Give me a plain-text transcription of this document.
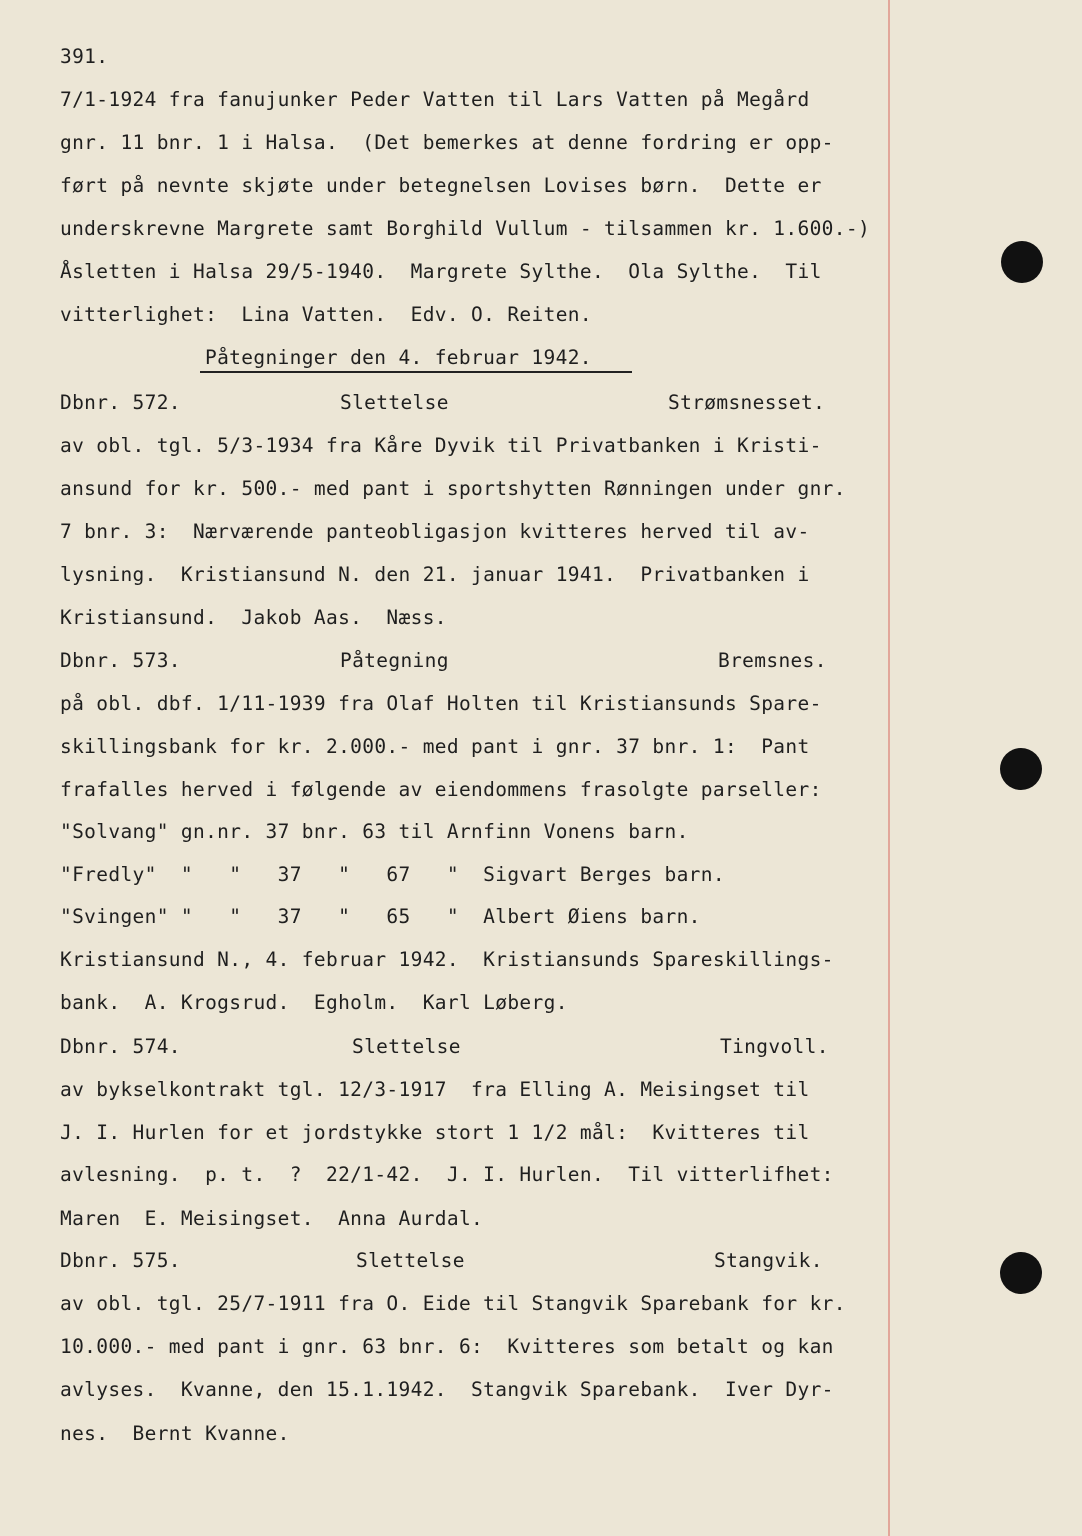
391.
7/1-1924 fra fanujunker Peder Vatten til Lars Vatten på Megård
gnr. 11 bnr. 1 i Halsa.  (Det bemerkes at denne fordring er opp-
ført på nevnte skjøte under betegnelsen Lovises børn.  Dette er
underskrevne Margrete samt Borghild Vullum - tilsammen kr. 1.600.-)
Åsletten i Halsa 29/5-1940.  Margrete Sylthe.  Ola Sylthe.  Til
vitterlighet:  Lina Vatten.  Edv. O. Reiten.
Påtegninger den 4. februar 1942.
Dbnr. 572.	Slettelse	Strømsnesset.
av obl. tgl. 5/3-1934 fra Kåre Dyvik til Privatbanken i Kristi-
ansund for kr. 500.- med pant i sportshytten Rønningen under gnr.
7 bnr. 3:  Nærværende panteobligasjon kvitteres herved til av-
lysning.  Kristiansund N. den 21. januar 1941.  Privatbanken i
Kristiansund.  Jakob Aas.  Næss.
Dbnr. 573.	Påtegning	Bremsnes.
på obl. dbf. 1/11-1939 fra Olaf Holten til Kristiansunds Spare-
skillingsbank for kr. 2.000.- med pant i gnr. 37 bnr. 1:  Pant
frafalles herved i følgende av eiendommens frasolgte parseller:
"Solvang" gn.nr. 37 bnr. 63 til Arnfinn Vonens barn.
"Fredly"  "   "   37   "   67   "  Sigvart Berges barn.
"Svingen" "   "   37   "   65   "  Albert Øiens barn.
Kristiansund N., 4. februar 1942.  Kristiansunds Spareskillings-
bank.  A. Krogsrud.  Egholm.  Karl Løberg.
Dbnr. 574.	Slettelse	Tingvoll.
av bykselkontrakt tgl. 12/3-1917  fra Elling A. Meisingset til
J. I. Hurlen for et jordstykke stort 1 1/2 mål:  Kvitteres til
avlesning.  p. t.  ?  22/1-42.  J. I. Hurlen.  Til vitterlifhet:
Maren  E. Meisingset.  Anna Aurdal.
Dbnr. 575.	Slettelse	Stangvik.
av obl. tgl. 25/7-1911 fra O. Eide til Stangvik Sparebank for kr.
10.000.- med pant i gnr. 63 bnr. 6:  Kvitteres som betalt og kan
avlyses.  Kvanne, den 15.1.1942.  Stangvik Sparebank.  Iver Dyr-
nes.  Bernt Kvanne.
